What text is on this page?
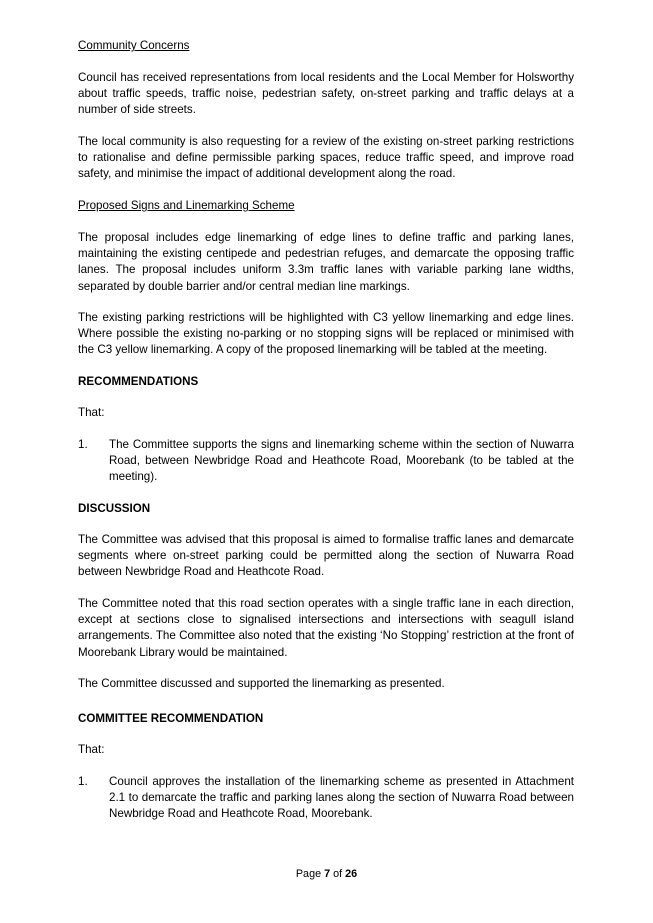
Community Concerns

Council has received representations from local residents and the Local Member for Holsworthy about traffic speeds, traffic noise, pedestrian safety, on-street parking and traffic delays at a number of side streets.

The local community is also requesting for a review of the existing on-street parking restrictions to rationalise and define permissible parking spaces, reduce traffic speed, and improve road safety, and minimise the impact of additional development along the road.

Proposed Signs and Linemarking Scheme

The proposal includes edge linemarking of edge lines to define traffic and parking lanes, maintaining the existing centipede and pedestrian refuges, and demarcate the opposing traffic lanes. The proposal includes uniform 3.3m traffic lanes with variable parking lane widths, separated by double barrier and/or central median line markings.

The existing parking restrictions will be highlighted with C3 yellow linemarking and edge lines. Where possible the existing no-parking or no stopping signs will be replaced or minimised with the C3 yellow linemarking. A copy of the proposed linemarking will be tabled at the meeting.

RECOMMENDATIONS

That:

1. The Committee supports the signs and linemarking scheme within the section of Nuwarra Road, between Newbridge Road and Heathcote Road, Moorebank (to be tabled at the meeting).

DISCUSSION

The Committee was advised that this proposal is aimed to formalise traffic lanes and demarcate segments where on-street parking could be permitted along the section of Nuwarra Road between Newbridge Road and Heathcote Road.

The Committee noted that this road section operates with a single traffic lane in each direction, except at sections close to signalised intersections and intersections with seagull island arrangements. The Committee also noted that the existing ‘No Stopping’ restriction at the front of Moorebank Library would be maintained.

The Committee discussed and supported the linemarking as presented.

COMMITTEE RECOMMENDATION

That:

1. Council approves the installation of the linemarking scheme as presented in Attachment 2.1 to demarcate the traffic and parking lanes along the section of Nuwarra Road between Newbridge Road and Heathcote Road, Moorebank.
Page 7 of 26
